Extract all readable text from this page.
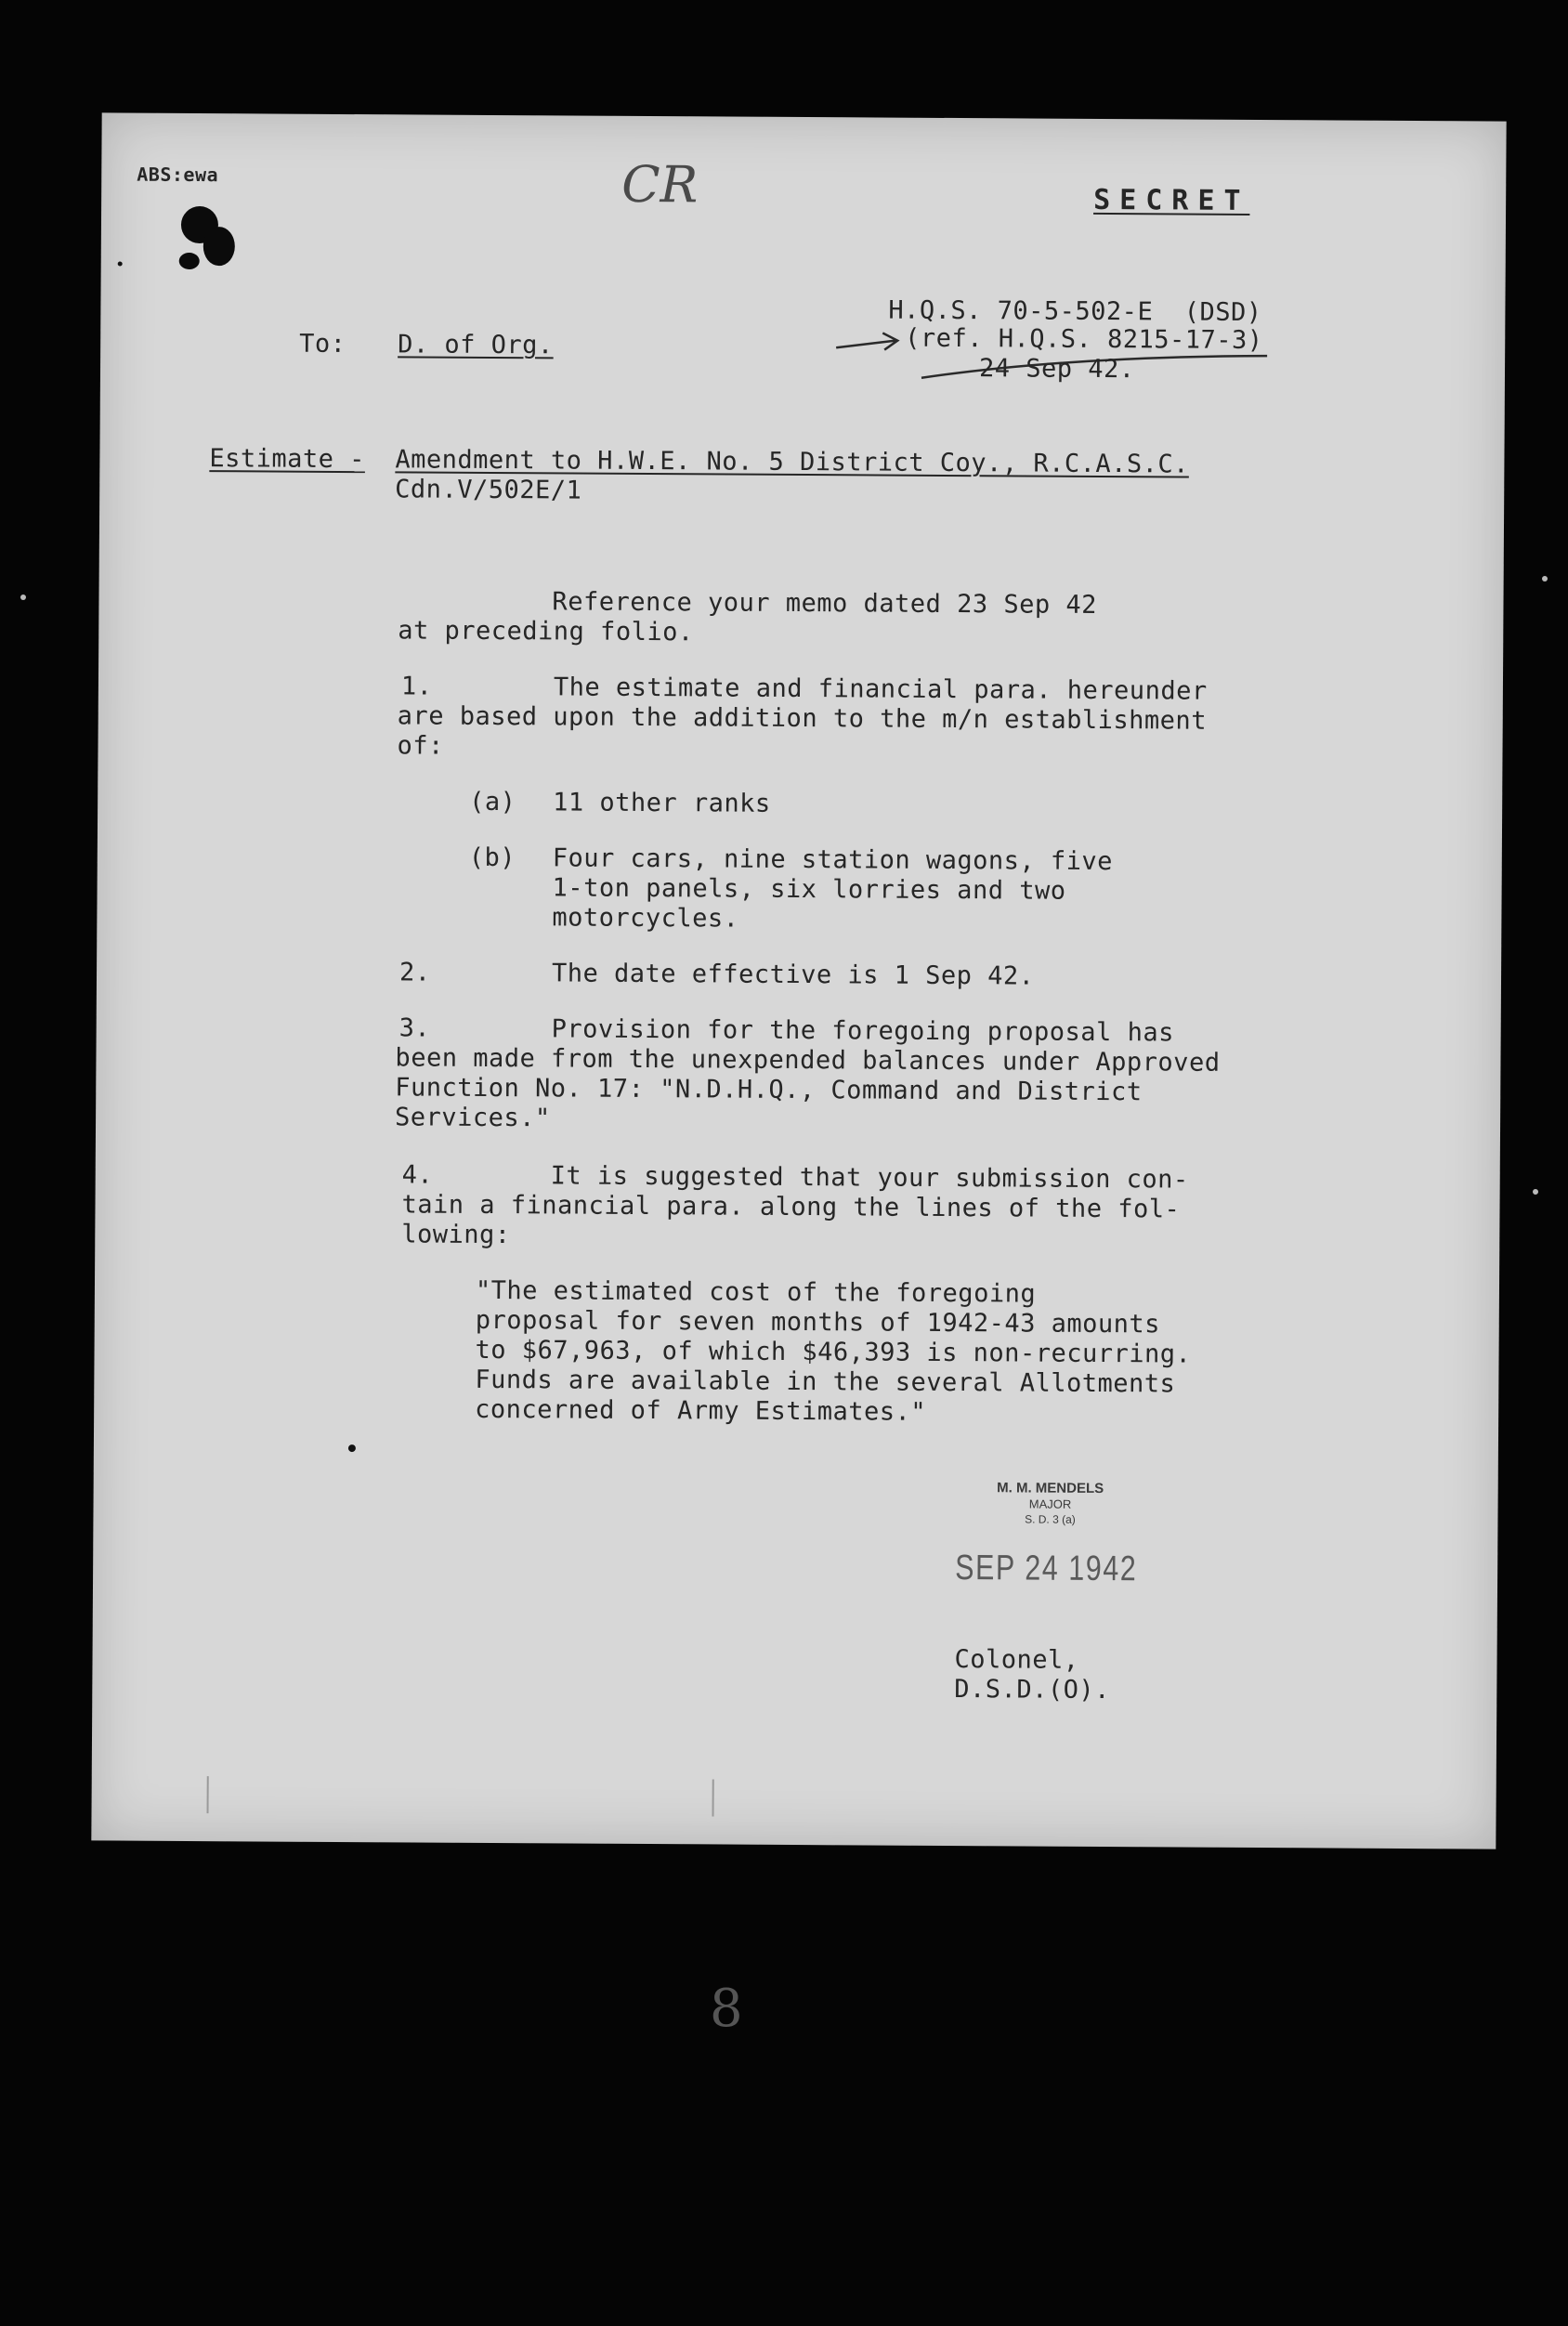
ABS:ewa	CR	SECRET
H.Q.S. 70-5-502-E  (DSD)
(ref. H.Q.S. 8215-17-3)
24 Sep 42.
To: D. of Org.
Estimate - Amendment to H.W.E. No. 5 District Coy., R.C.A.S.C.
Cdn.V/502E/1
Reference your memo dated 23 Sep 42
at preceding folio.
1.	The estimate and financial para. hereunder
are based upon the addition to the m/n establishment
of:
(a) 11 other ranks
(b) Four cars, nine station wagons, five
1-ton panels, six lorries and two
motorcycles.
2.	The date effective is 1 Sep 42.
3.	Provision for the foregoing proposal has
been made from the unexpended balances under Approved
Function No. 17: "N.D.H.Q., Command and District
Services."
4.	It is suggested that your submission con-
tain a financial para. along the lines of the fol-
lowing:
"The estimated cost of the foregoing
proposal for seven months of 1942-43 amounts
to $67,963, of which $46,393 is non-recurring.
Funds are available in the several Allotments
concerned of Army Estimates."
M. M. MENDELS
MAJOR
S. D. 3 (a)
SEP 24 1942
Colonel,
D.S.D.(O).
8
